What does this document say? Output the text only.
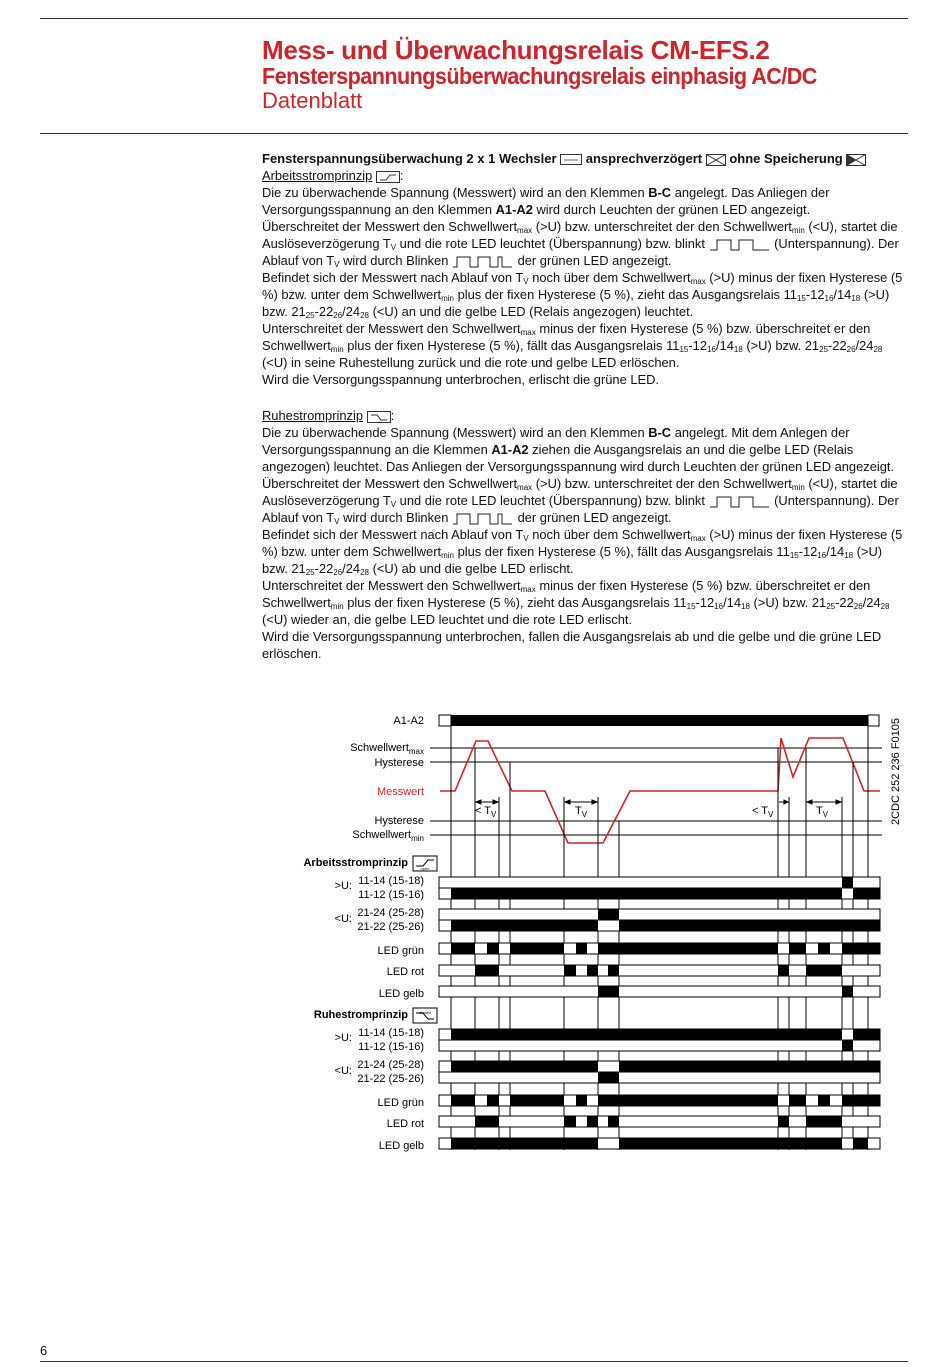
Mess- und Überwachungsrelais CM-EFS.2
Fensterspannungsüberwachungsrelais einphasig AC/DC
Datenblatt

Fensterspannungsüberwachung 2 x 1 Wechsler ansprechverzögert ohne Speicherung

Arbeitsstromprinzip :

Die zu überwachende Spannung (Messwert) wird an den Klemmen B-C angelegt. Das Anliegen der Versorgungsspannung an den Klemmen A1-A2 wird durch Leuchten der grünen LED angezeigt.

Überschreitet der Messwert den Schwellwert$_{max}$ (>U) bzw. unterschreitet der den Schwellwert$_{min}$ (<U), startet die Auslöseverzögerung $T_V$ und die rote LED leuchtet (Überspannung) bzw. blinkt	(Unterspannung). Der Ablauf von $T_V$ wird durch Blinken	der grünen LED angezeigt.

Befindet sich der Messwert nach Ablauf von $T_V$ noch über dem Schwellwert$_{max}$ (>U) minus der fixen Hysterese (5 %) bzw. unter dem Schwellwert$_{min}$ plus der fixen Hysterese (5 %), zieht das Ausgangsrelais $11_{15}-12_{16}/14_{18}$ (>U) bzw. $21_{25}-22_{26}/24_{28}$ (<U) an und die gelbe LED (Relais angezogen) leuchtet.

Unterschreitet der Messwert den Schwellwert$_{max}$ minus der fixen Hysterese (5 %) bzw. überschreitet er den Schwellwert$_{min}$ plus der fixen Hysterese (5 %), fällt das Ausgangsrelais $11_{15}-12_{16}/14_{18}$ (>U) bzw. $21_{25}-22_{26}/24_{28}$ (<U) in seine Ruhestellung zurück und die rote und gelbe LED erlöschen.

Wird die Versorgungsspannung unterbrochen, erlischt die grüne LED.

Ruhestromprinzip :

Die zu überwachende Spannung (Messwert) wird an den Klemmen B-C angelegt. Mit dem Anlegen der Versorgungsspannung an die Klemmen A1-A2 ziehen die Ausgangsrelais an und die gelbe LED (Relais angezogen) leuchtet. Das Anliegen der Versorgungsspannung wird durch Leuchten der grünen LED angezeigt.

Überschreitet der Messwert den Schwellwert$_{max}$ (>U) bzw. unterschreitet der den Schwellwert$_{min}$ (<U), startet die Auslöseverzögerung $T_V$ und die rote LED leuchtet (Überspannung) bzw. blinkt	(Unterspannung). Der Ablauf von $T_V$ wird durch Blinken	der grünen LED angezeigt.

Befindet sich der Messwert nach Ablauf von $T_V$ noch über dem Schwellwert$_{max}$ (>U) minus der fixen Hysterese (5 %) bzw. unter dem Schwellwert$_{min}$ plus der fixen Hysterese (5 %), fällt das Ausgangsrelais $11_{15}-12_{16}/14_{18}$ (>U) bzw. $21_{25}-22_{26}/24_{28}$ (<U) ab und die gelbe LED erlischt.

Unterschreitet der Messwert den Schwellwert$_{max}$ minus der fixen Hysterese (5 %) bzw. überschreitet er den Schwellwert$_{min}$ plus der fixen Hysterese (5 %), zieht das Ausgangsrelais $11_{15}-12_{16}/14_{18}$ (>U) bzw. $21_{25}-22_{26}/24_{28}$ (<U) wieder an, die gelbe LED leuchtet und die rote LED erlischt.

Wird die Versorgungsspannung unterbrochen, fallen die Ausgangsrelais ab und die gelbe und die grüne LED erlöschen.

A1-A2
Schwellwert$_{max}$
Hysterese
Messwert
Hysterese
Schwellwert$_{min}$
< $T_V$	$T_V$	< $T_V$	$T_V$	2CDC 252 236 F0105
Arbeitsstromprinzip	open
Ruhestromprinzip	closed
>U: 11-14 (15-18)
11-12 (15-16)
<U: 21-24 (25-28)
21-22 (25-26)
LED grün
LED rot
LED gelb
>U: 11-14 (15-18)
11-12 (15-16)
<U: 21-24 (25-28)
21-22 (25-26)
LED grün
LED rot
LED gelb
6
